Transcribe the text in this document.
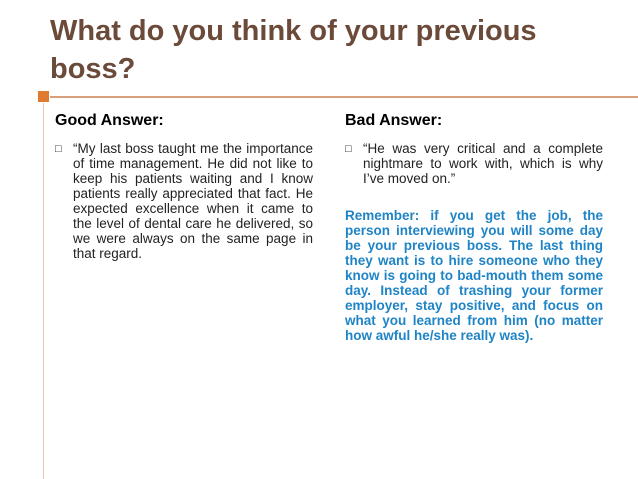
What do you think of your previous boss?

Good Answer:

□ “My last boss taught me the importance of time management. He did not like to keep his patients waiting and I know patients really appreciated that fact. He expected excellence when it came to the level of dental care he delivered, so we were always on the same page in that regard.

Bad Answer:

□ “He was very critical and a complete nightmare to work with, which is why I’ve moved on.”

Remember: if you get the job, the person interviewing you will some day be your previous boss. The last thing they want is to hire someone who they know is going to bad-mouth them some day. Instead of trashing your former employer, stay positive, and focus on what you learned from him (no matter how awful he/she really was).
